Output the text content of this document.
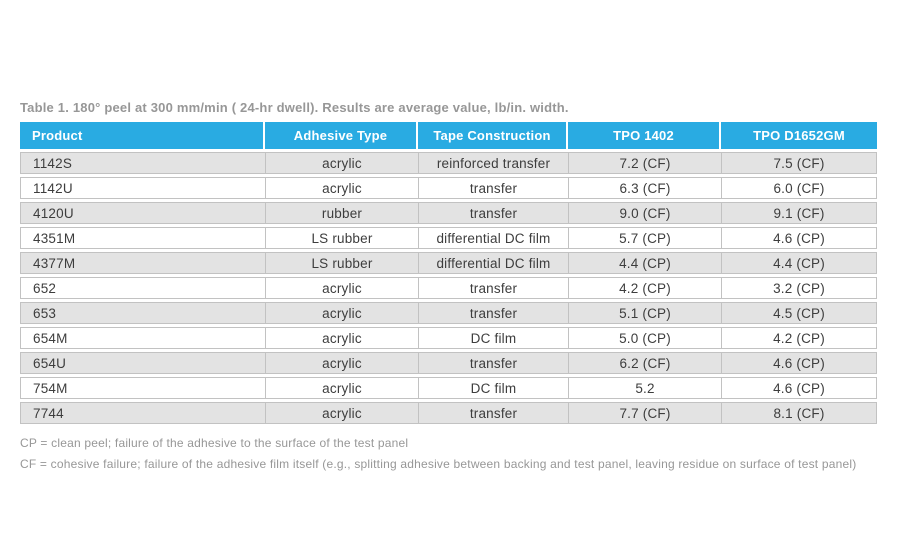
Table 1. 180° peel at 300 mm/min ( 24-hr dwell). Results are average value, lb/in. width.

Product	Adhesive Type	Tape Construction	TPO 1402	TPO D1652GM
1142S	acrylic	reinforced transfer	7.2 (CF)	7.5 (CF)
1142U	acrylic	transfer	6.3 (CF)	6.0 (CF)
4120U	rubber	transfer	9.0 (CF)	9.1 (CF)
4351M	LS rubber	differential DC film	5.7 (CP)	4.6 (CP)
4377M	LS rubber	differential DC film	4.4 (CP)	4.4 (CP)
652	acrylic	transfer	4.2 (CP)	3.2 (CP)
653	acrylic	transfer	5.1 (CP)	4.5 (CP)
654M	acrylic	DC film	5.0 (CP)	4.2 (CP)
654U	acrylic	transfer	6.2 (CF)	4.6 (CP)
754M	acrylic	DC film	5.2	4.6 (CP)
7744	acrylic	transfer	7.7 (CF)	8.1 (CF)

CP = clean peel; failure of the adhesive to the surface of the test panel

CF = cohesive failure; failure of the adhesive film itself (e.g., splitting adhesive between backing and test panel, leaving residue on surface of test panel)
